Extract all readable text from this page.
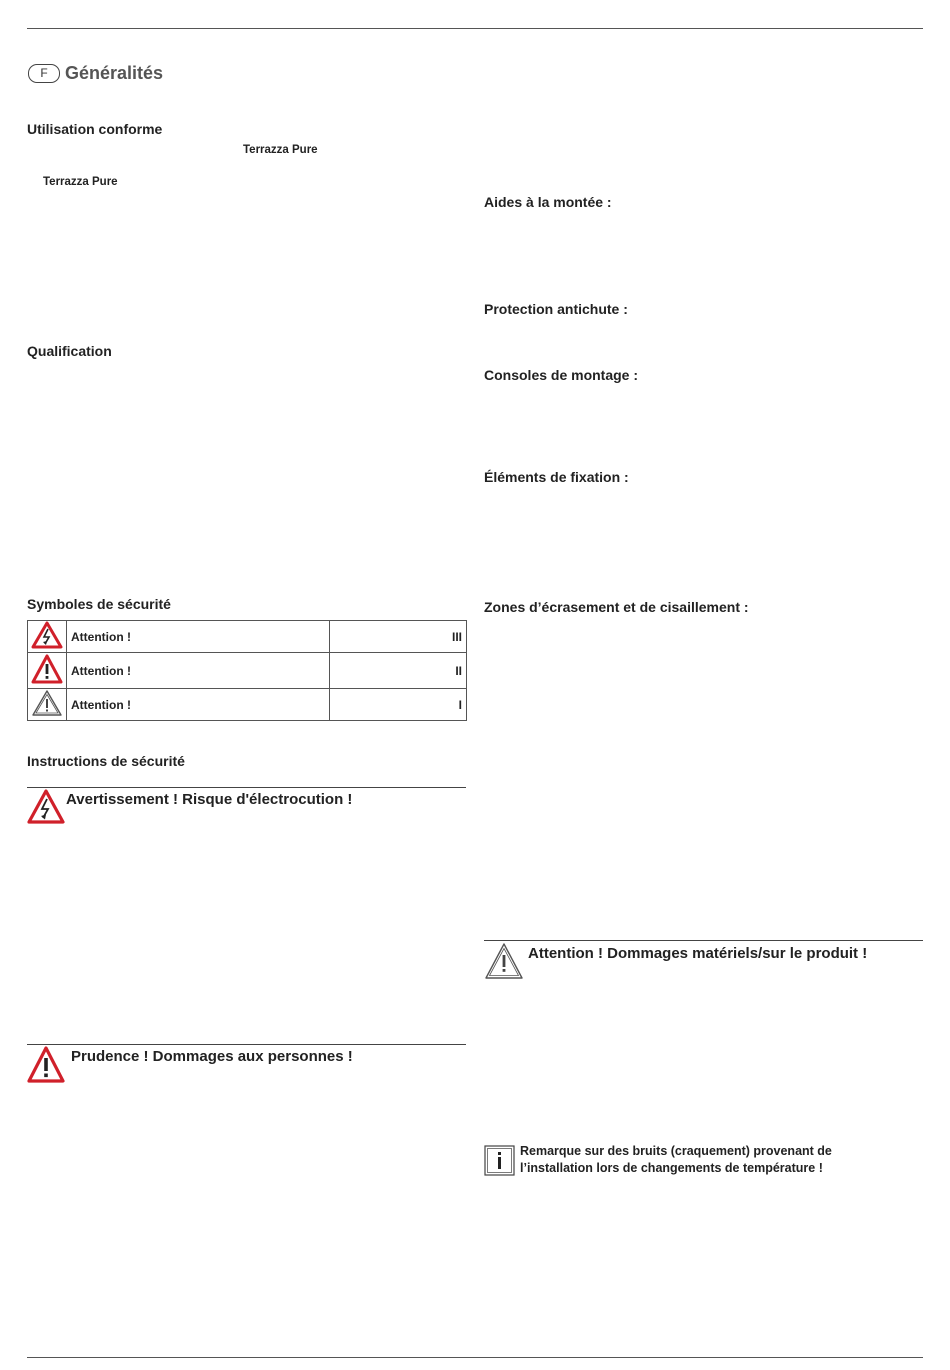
F Généralités
Utilisation conforme
Terrazza Pure
Terrazza Pure
Qualification
Symboles de sécurité
	Attention !	III
	Attention !	II
	Attention !	I
Instructions de sécurité
Avertissement ! Risque d'électrocution !
Prudence ! Dommages aux personnes !
Aides à la montée :
Protection antichute :
Consoles de montage :
Éléments de fixation :
Zones d’écrasement et de cisaillement :
Attention ! Dommages matériels/sur le produit !
Remarque sur des bruits (craquement) provenant de
l’installation lors de changements de température !
